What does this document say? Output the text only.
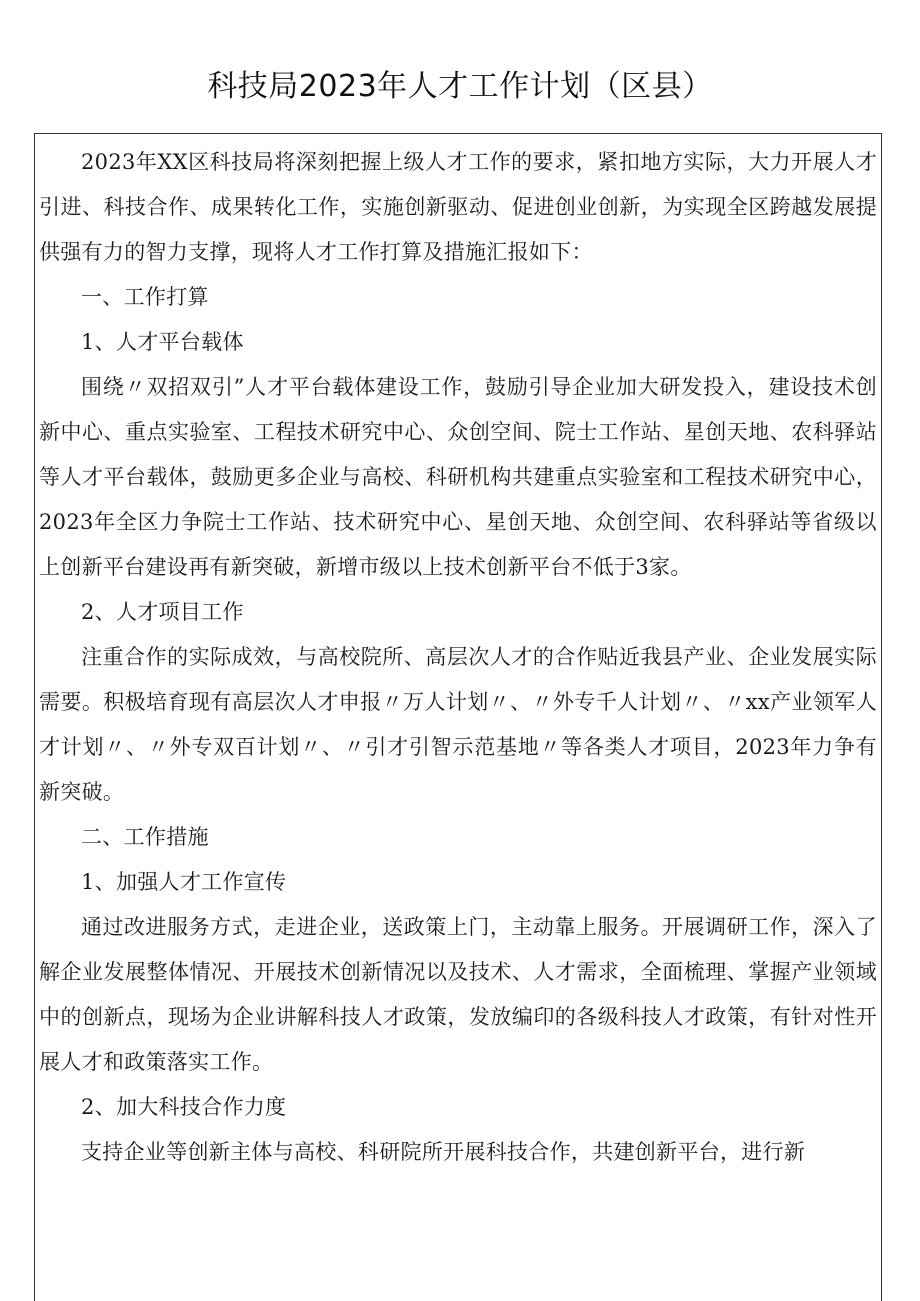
科技局2023年人才工作计划（区县）

2023年XX区科技局将深刻把握上级人才工作的要求，紧扣地方实际，大力开展人才引进、科技合作、成果转化工作，实施创新驱动、促进创业创新，为实现全区跨越发展提供强有力的智力支撑，现将人才工作打算及措施汇报如下：

一、工作打算

1、人才平台载体

围绕〃双招双引”人才平台载体建设工作，鼓励引导企业加大研发投入，建设技术创新中心、重点实验室、工程技术研究中心、众创空间、院士工作站、星创天地、农科驿站等人才平台载体，鼓励更多企业与高校、科研机构共建重点实验室和工程技术研究中心，2023年全区力争院士工作站、技术研究中心、星创天地、众创空间、农科驿站等省级以上创新平台建设再有新突破，新增市级以上技术创新平台不低于3家。

2、人才项目工作

注重合作的实际成效，与高校院所、高层次人才的合作贴近我县产业、企业发展实际需要。积极培育现有高层次人才申报〃万人计划〃、〃外专千人计划〃、〃xx产业领军人才计划〃、〃外专双百计划〃、〃引才引智示范基地〃等各类人才项目，2023年力争有新突破。

二、工作措施

1、加强人才工作宣传

通过改进服务方式，走进企业，送政策上门，主动靠上服务。开展调研工作，深入了解企业发展整体情况、开展技术创新情况以及技术、人才需求，全面梳理、掌握产业领域中的创新点，现场为企业讲解科技人才政策，发放编印的各级科技人才政策，有针对性开展人才和政策落实工作。

2、加大科技合作力度

支持企业等创新主体与高校、科研院所开展科技合作，共建创新平台，进行新
